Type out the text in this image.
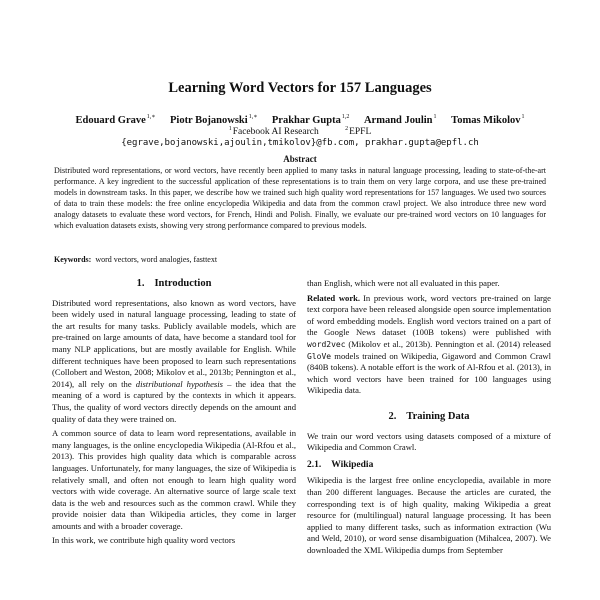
Learning Word Vectors for 157 Languages
Edouard Grave$^{1,∗}$ Piotr Bojanowski$^{1,∗}$ Prakhar Gupta$^{1,2}$ Armand Joulin$^1$ Tomas Mikolov$^1$
$^1$Facebook AI Research	$^2$EPFL
{egrave,bojanowski,ajoulin,tmikolov}@fb.com, prakhar.gupta@epfl.ch
Abstract
Distributed word representations, or word vectors, have recently been applied to many tasks in natural language processing, leading to state-of-the-art performance. A key ingredient to the successful application of these representations is to train them on very large corpora, and use these pre-trained models in downstream tasks. In this paper, we describe how we trained such high quality word representations for 157 languages. We used two sources of data to train these models: the free online encyclopedia Wikipedia and data from the common crawl project. We also introduce three new word analogy datasets to evaluate these word vectors, for French, Hindi and Polish. Finally, we evaluate our pre-trained word vectors on 10 languages for which evaluation datasets exists, showing very strong performance compared to previous models.
Keywords: word vectors, word analogies, fasttext
1. Introduction

Distributed word representations, also known as word vectors, have been widely used in natural language processing, leading to state of the art results for many tasks. Publicly available models, which are pre-trained on large amounts of data, have become a standard tool for many NLP applications, but are mostly available for English. While different techniques have been proposed to learn such representations (Collobert and Weston, 2008; Mikolov et al., 2013b; Pennington et al., 2014), all rely on the distributional hypothesis – the idea that the meaning of a word is captured by the contexts in which it appears. Thus, the quality of word vectors directly depends on the amount and quality of data they were trained on.

A common source of data to learn word representations, available in many languages, is the online encyclopedia Wikipedia (Al-Rfou et al., 2013). This provides high quality data which is comparable across languages. Unfortunately, for many languages, the size of Wikipedia is relatively small, and often not enough to learn high quality word vectors with wide coverage. An alternative source of large scale text data is the web and resources such as the common crawl. While they provide noisier data than Wikipedia articles, they come in larger amounts and with a broader coverage.

In this work, we contribute high quality word vectors

than English, which were not all evaluated in this paper.

Related work. In previous work, word vectors pre-trained on large text corpora have been released alongside open source implementation of word embedding models. English word vectors trained on a part of the Google News dataset (100B tokens) were published with word2vec (Mikolov et al., 2013b). Pennington et al. (2014) released GloVe models trained on Wikipedia, Gigaword and Common Crawl (840B tokens). A notable effort is the work of Al-Rfou et al. (2013), in which word vectors have been trained for 100 languages using Wikipedia data.

2. Training Data

We train our word vectors using datasets composed of a mixture of Wikipedia and Common Crawl.

2.1. Wikipedia

Wikipedia is the largest free online encyclopedia, available in more than 200 different languages. Because the articles are curated, the corresponding text is of high quality, making Wikipedia a great resource for (multilingual) natural language processing. It has been applied to many different tasks, such as information extraction (Wu and Weld, 2010), or word sense disambiguation (Mihalcea, 2007). We downloaded the XML Wikipedia dumps from September
